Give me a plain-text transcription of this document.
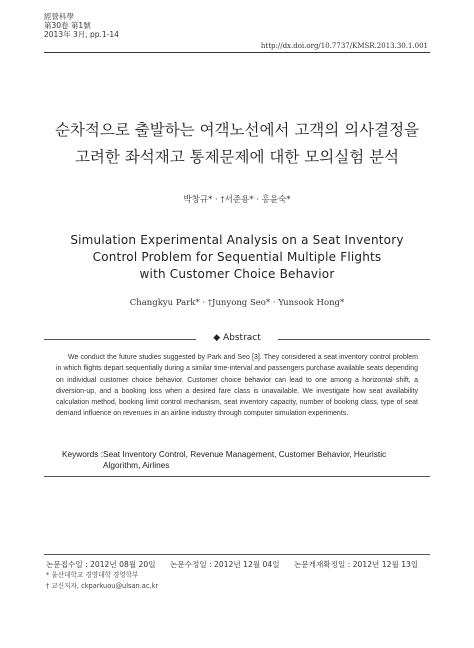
經營科學
第30卷 第1號
2013年 3月, pp.1-14
http://dx.doi.org/10.7737/KMSR.2013.30.1.001
순차적으로 출발하는 여객노선에서 고객의 의사결정을
고려한 좌석재고 통제문제에 대한 모의실험 분석
박창규* · †서준용* · 홍윤숙*
Simulation Experimental Analysis on a Seat Inventory
Control Problem for Sequential Multiple Flights
with Customer Choice Behavior
Changkyu Park* · †Junyong Seo* · Yunsook Hong*
◆ Abstract

We conduct the future studies suggested by Park and Seo [3]. They considered a seat inventory control problem in which flights depart sequentially during a similar time-interval and passengers purchase available seats depending on individual customer choice behavior. Customer choice behavior can lead to one among a horizontal shift, a diversion-up, and a booking loss when a desired fare class is unavailable. We investigate how seat availability calculation method, booking limit control mechanism, seat inventory capacity, number of booking class, type of seat demand influence on revenues in an airline industry through computer simulation experiments.

Keywords : Seat Inventory Control, Revenue Management, Customer Behavior, Heuristic Algorithm, Airlines
논문접수일 : 2012년 08월 20일 논문수정일 : 2012년 12월 04일 논문게재확정일 : 2012년 12월 13일
* 울산대학교 경영대학 경영학부
† 교신저자, ckparkuou@ulsan.ac.kr
